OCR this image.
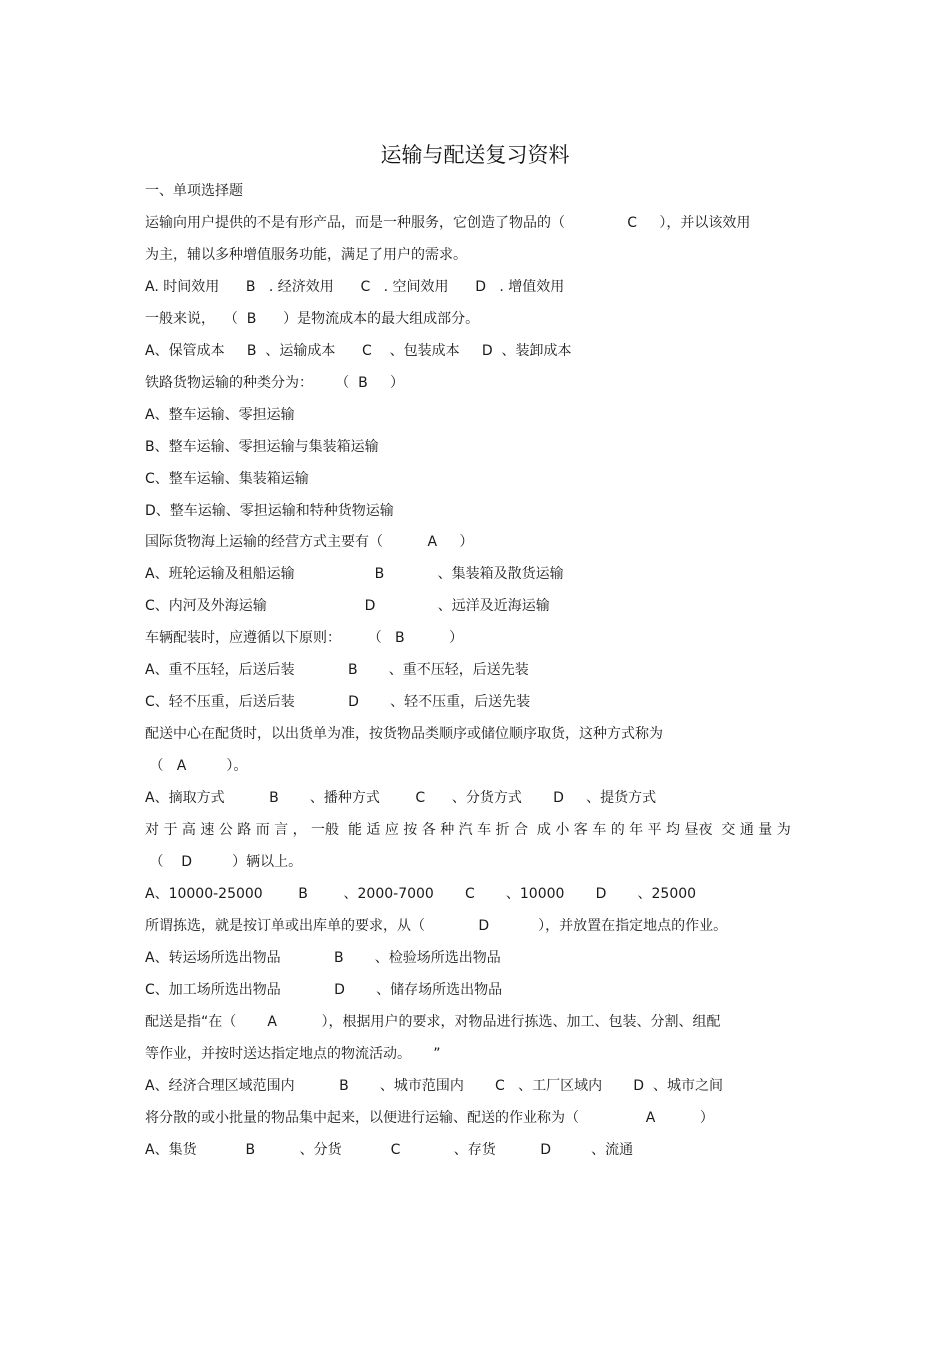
运输与配送复习资料
一、单项选择题
运输向用户提供的不是有形产品，而是一种服务，它创造了物品的（              C     ），并以该效用
为主，辅以多种增值服务功能，满足了用户的需求。
A. 时间效用      B   . 经济效用      C   . 空间效用      D   . 增值效用
一般来说，  （  B      ）是物流成本的最大组成部分。
A、保管成本     B  、运输成本      C    、包装成本     D  、装卸成本
铁路货物运输的种类分为：     （  B     ）
A、整车运输、零担运输
B、整车运输、零担运输与集装箱运输
C、整车运输、集装箱运输
D、整车运输、零担运输和特种货物运输
国际货物海上运输的经营方式主要有（          A     ）
A、班轮运输及租船运输                  B            、集装箱及散货运输
C、内河及外海运输                      D              、远洋及近海运输
车辆配装时，应遵循以下原则：      （   B          ）
A、重不压轻，后送后装            B       、重不压轻，后送先装
C、轻不压重，后送后装            D       、轻不压重，后送先装
配送中心在配货时，以出货单为准，按货物品类顺序或储位顺序取货，这种方式称为
（   A         ）。
A、摘取方式          B       、播种方式        C      、分货方式       D     、提货方式
对 于 高 速 公 路 而 言 ， 一般  能 适 应 按 各 种 汽 车 折 合  成 小 客 车 的 年 平 均 昼夜  交 通 量 为
（    D         ）辆以上。
A、10000-25000        B        、2000-7000       C       、10000       D       、25000
所谓拣选，就是按订单或出库单的要求，从（            D           ），并放置在指定地点的作业。
A、转运场所选出物品            B       、检验场所选出物品
C、加工场所选出物品            D       、储存场所选出物品
配送是指“在（       A          ），根据用户的要求，对物品进行拣选、加工、包装、分割、组配
等作业，并按时送达指定地点的物流活动。     ”
A、经济合理区域范围内          B       、城市范围内       C   、工厂区域内       D  、城市之间
将分散的或小批量的物品集中起来，以便进行运输、配送的作业称为（               A          ）
A、集货           B          、分货           C            、存货          D         、流通
